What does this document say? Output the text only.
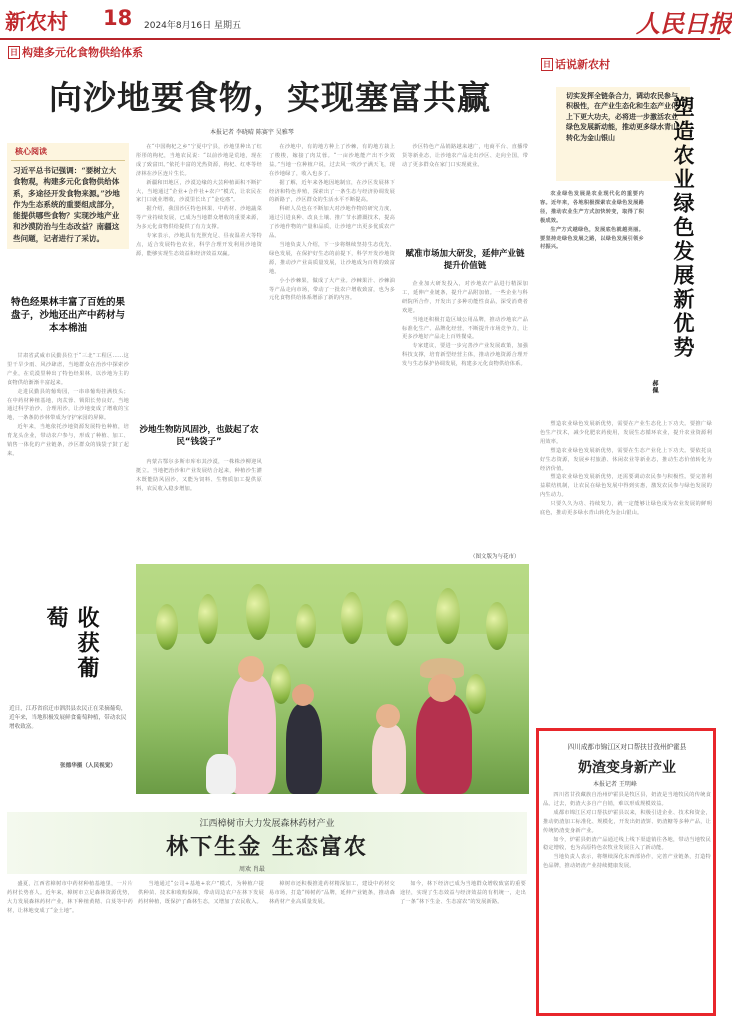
新农村 18 2024年8月16日 星期五	人民日报
日 构建多元化食物供给体系
日 话说新农村
向沙地要食物，实现塞富共赢
本报记者 李晓晴 陈赛宇 吴雅琴
核心阅读
习近平总书记强调：“要树立大食物观，构建多元化食物供给体系，多途径开发食物来源。”沙地作为生态系统的重要组成部分，能提供哪些食物？实现沙地产业和沙漠防治与生态改益？南疆这些问题，记者进行了采访。
特色经果林丰富了百姓的果盘子，沙地还出产中药材与本本棉油

甘肃省武威市民勤县位于“三北”工程区……这里干旱少雨、风沙肆虐，当地群众在治沙中探索沙产业，在荒漠里种出了特色经果林，以沙地为主的食物供给渐渐丰富起来。

走进民勤县的葡萄园，一串串葡萄挂满枝头；在中药材种植基地，肉苁蓉、锁阳长势良好。当地通过科学治沙、合理用沙，让沙地变成了增收的宝地，一条条防沙林带成为守护家园的屏障。

近年来，当地依托沙地资源发展特色种植，培育龙头企业，带动农户参与，形成了种植、加工、销售一体化的产业链条，沙区群众的钱袋子鼓了起来。

在“中国枸杞之乡”宁夏中宁县，沙地里种出了红彤彤的枸杞，当地农民说：“以前沙地是荒地，现在成了致富田。”依托丰富的光热资源，枸杞、红枣等经济林在沙区连片生长。

新疆和田地区，沙漠边缘的大芸种植面积不断扩大，当地通过“企业+合作社+农户”模式，让农民在家门口就业增收，沙漠里长出了“金疙瘩”。

据介绍，我国沙区特色林果、中药材、沙地蔬菜等产业持续发展，已成为当地群众增收的重要来源，为多元化食物供给提供了有力支撑。

专家表示，沙地具有光照充足、昼夜温差大等特点，适合发展特色农业，科学合理开发利用沙地资源，能够实现生态效益和经济效益双赢。

沙地生物防风固沙，也鼓起了农民“钱袋子”

内蒙古鄂尔多斯市库布其沙漠，一株株沙柳迎风挺立。当地把治沙和产业发展结合起来，种植沙生灌木既能防风固沙，又能为饲料、生物质加工提供原料，农民收入稳步增加。

在沙地中，有的地方种上了沙棘，有的地方栽上了梭梭，嫁接了肉苁蓉。“一亩沙地能产出不少效益。”当地一位种植户说，过去风一吹沙子满天飞，现在沙地绿了，收入也多了。

据了解，近年来各地因地制宜，在沙区发展林下经济和特色养殖，探索出了一条生态与经济协调发展的新路子，沙区群众的生活水平不断提高。

科研人员也在不断加大对沙地作物的研究力度，通过引进良种、改良土壤、推广节水灌溉技术，提高了沙地作物的产量和品质，让沙地产出更多优质农产品。

当地负责人介绍，下一步将继续坚持生态优先、绿色发展，在保护好生态的前提下，科学开发沙地资源，推动沙产业高质量发展，让沙地成为百姓的致富地。

小小沙棘果，做成了大产业。沙棘果汁、沙棘油等产品走向市场，带动了一批农户增收致富，也为多元化食物供给体系增添了新的内容。

沙区特色产品销路越来越广，电商平台、直播带货等新业态，让沙地农产品走出沙区、走向全国，带动了更多群众在家门口实现就业。

赋准市场加大研发，延伸产业链提升价值链

企业加大研发投入，对沙地农产品进行精深加工，延伸产业链条，提升产品附加值。一些企业与科研院所合作，开发出了多种功能性食品，深受消费者欢迎。

当地还积极打造区域公用品牌，推动沙地农产品标准化生产、品牌化经营，不断提升市场竞争力，让更多沙地好产品走上百姓餐桌。

专家建议，要进一步完善沙产业发展政策，加强科技支撑，培育新型经营主体，推动沙地资源合理开发与生态保护协调发展，构建多元化食物供给体系。

（图文版为与花市）
收获葡萄
近日，江苏省宿迁市泗洪县农民正在采摘葡萄，近年来，当地积极发展鲜食葡萄种植，带动农民增收致富。
张德华摄（人民视觉）
江西樟树市大力发展森林药材产业
林下生金 生态富农
周欢 肖最

盛夏，江西省樟树市中药材种植基地里，一片片药材长势喜人。近年来，樟树市立足森林资源优势，大力发展森林药材产业，林下种植黄精、白芨等中药材，让林地变成了“金土地”。

当地通过“公司+基地+农户”模式，为种植户提供种苗、技术和收购保障，带动周边农户在林下发展药材种植，既保护了森林生态，又增加了农民收入。

樟树市还积极推进药材精深加工，建设中药材交易市场，打造“樟树药”品牌，延伸产业链条，推动森林药材产业高质量发展。

如今，林下经济已成为当地群众增收致富的重要途径，实现了生态效益与经济效益的有机统一，走出了一条“林下生金、生态富农”的发展新路。

切实发挥全链条合力，调动农民参与积极性，在产业生态化和生态产业化上下更大功夫，必将进一步激活农业绿色发展新动能，推动更多绿水青山转化为金山银山	塑造农业绿色发展新优势
郝佩

农业绿色发展是农业现代化的重要内容。近年来，各地积极探索农业绿色发展路径，推动农业生产方式加快转变，取得了积极成效。

生产方式越绿色，发展底色就越亮丽。要坚持走绿色发展之路，以绿色发展引领乡村振兴。

塑造农业绿色发展新优势，需要在产业生态化上下功夫。要推广绿色生产技术，减少化肥农药使用，发展生态循环农业，提升农业资源利用效率。

塑造农业绿色发展新优势，需要在生态产业化上下功夫。要依托良好生态资源，发展乡村旅游、休闲农业等新业态，推动生态价值转化为经济价值。

塑造农业绿色发展新优势，还需要调动农民参与积极性。要完善利益联结机制，让农民在绿色发展中得到实惠，激发农民参与绿色发展的内生动力。

只要久久为功、持续发力，就一定能够让绿色成为农业发展的鲜明底色，推动更多绿水青山转化为金山银山。

四川成都市锦江区对口帮扶甘孜州炉霍县
奶渣变身新产业
本报记者 王明峰

四川省甘孜藏族自治州炉霍县是牧区县，奶渣是当地牧民的传统食品。过去，奶渣大多自产自销，难以形成规模效益。

成都市锦江区对口帮扶炉霍县以来，积极引进企业、技术和资金，推动奶渣加工标准化、规模化，开发出奶渣饼、奶渣糖等多种产品，让传统奶渣变身新产业。

如今，炉霍县奶渣产品通过线上线下渠道销往各地，带动当地牧民稳定增收，也为高原特色农牧业发展注入了新动能。

当地负责人表示，将继续深化东西部协作，完善产业链条，打造特色品牌，推动奶渣产业持续健康发展。
